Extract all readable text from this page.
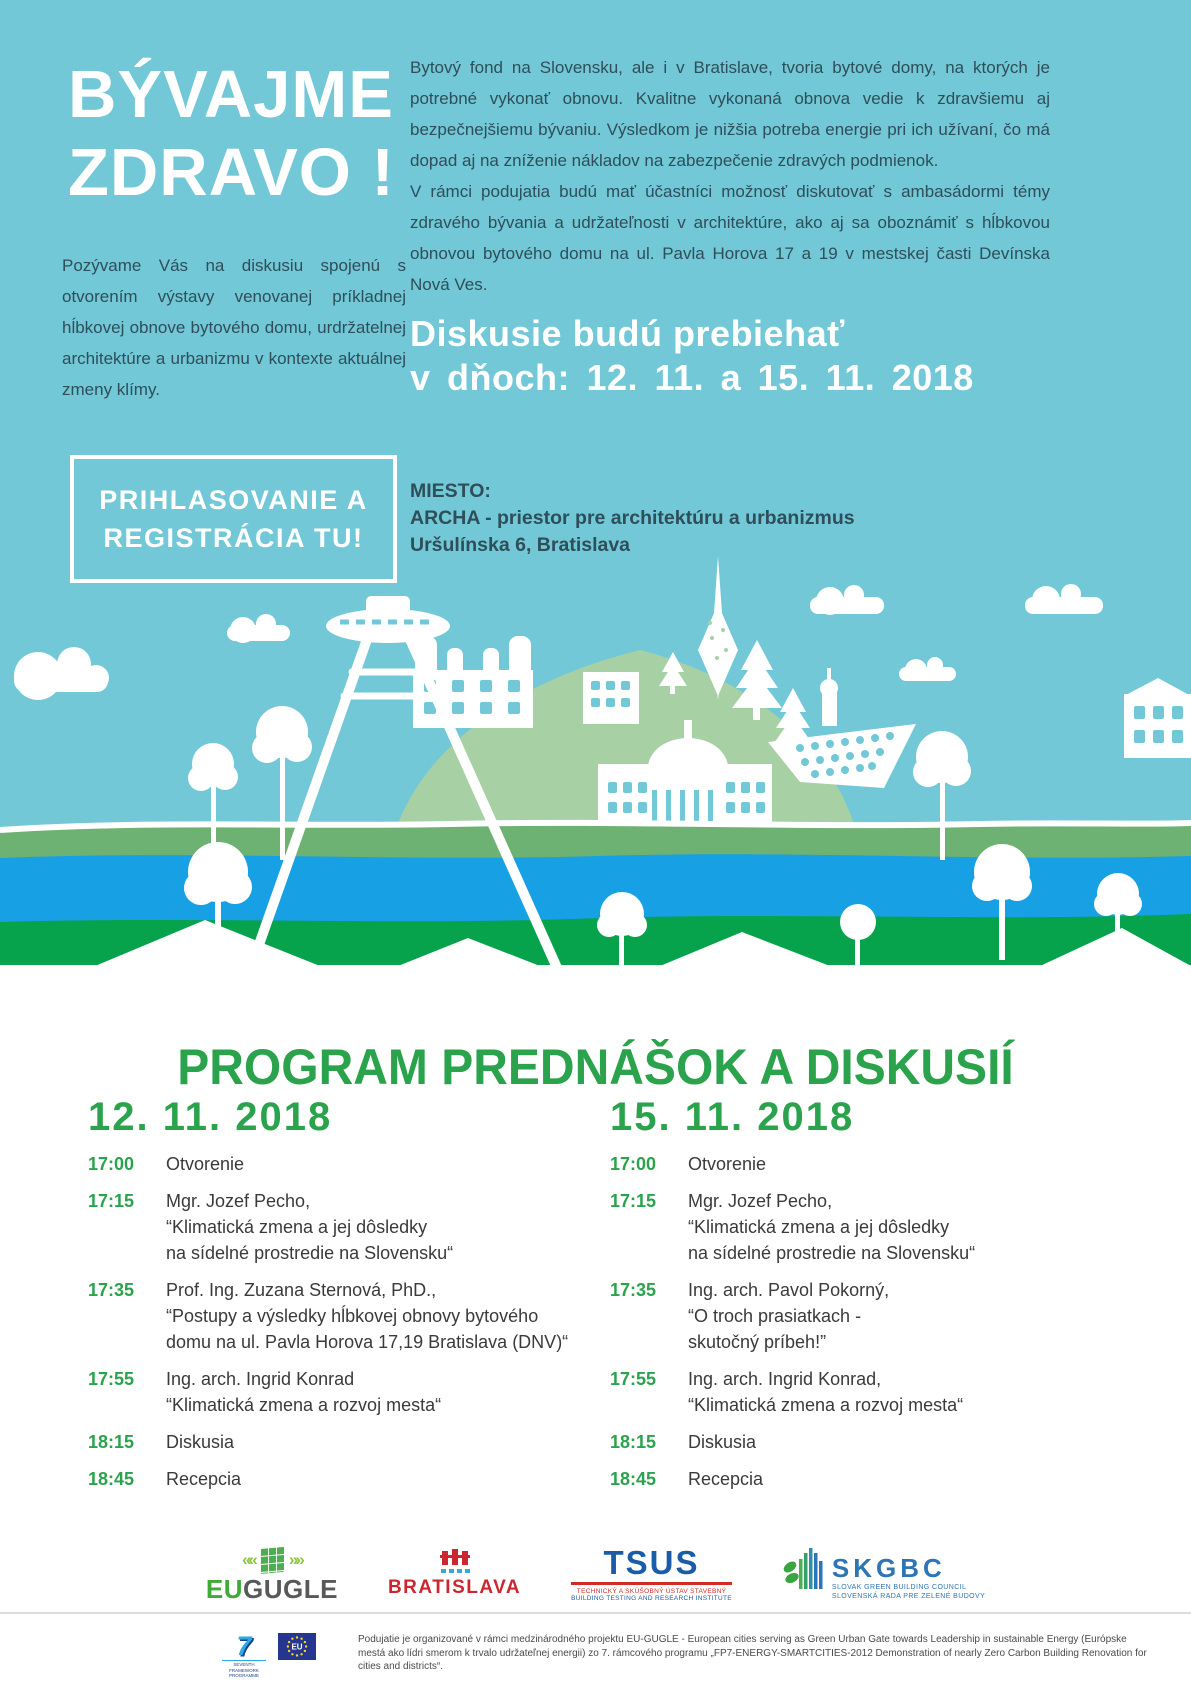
BÝVAJME
ZDRAVO !
Pozývame Vás na diskusiu spojenú s otvorením výstavy venovanej príkladnej hĺbkovej obnove bytového domu, urdržatelnej architektúre a urbanizmu v kontexte aktuálnej zmeny klímy.

Bytový fond na Slovensku, ale i v Bratislave, tvoria bytové domy, na ktorých je potrebné vykonať obnovu. Kvalitne vykonaná obnova vedie k zdravšiemu aj bezpečnejšiemu bývaniu. Výsledkom je nižšia potreba energie pri ich užívaní, čo má dopad aj na zníženie nákladov na zabezpečenie zdravých podmienok.

V rámci podujatia budú mať účastníci možnosť diskutovať s ambasádormi témy zdravého bývania a udržateľnosti v architektúre, ako aj sa oboznámiť s hĺbkovou obnovou bytového domu na ul. Pavla Horova 17 a 19 v mestskej časti Devínska Nová Ves.

Diskusie budú prebiehať
v dňoch: 12. 11. a 15. 11. 2018
PRIHLASOVANIE A
REGISTRÁCIA TU!
MIESTO:
ARCHA - priestor pre architektúru a urbanizmus
Uršulínska 6, Bratislava
PROGRAM PREDNÁŠOK A DISKUSIÍ
12. 11. 2018
17:00	Otvorenie
17:15	Mgr. Jozef Pecho,
“Klimatická zmena a jej dôsledky
na sídelné prostredie na Slovensku“
17:35	Prof. Ing. Zuzana Sternová, PhD.,
“Postupy a výsledky hĺbkovej obnovy bytového
domu na ul. Pavla Horova 17,19 Bratislava (DNV)“
17:55	Ing. arch. Ingrid Konrad
“Klimatická zmena a rozvoj mesta“
18:15	Diskusia
18:45	Recepcia
15. 11. 2018
17:00	Otvorenie
17:15	Mgr. Jozef Pecho,
“Klimatická zmena a jej dôsledky
na sídelné prostredie na Slovensku“
17:35	Ing. arch. Pavol Pokorný,
“O troch prasiatkach -
skutočný príbeh!”
17:55	Ing. arch. Ingrid Konrad,
“Klimatická zmena a rozvoj mesta“
18:15	Diskusia
18:45	Recepcia
«« »»
EUGUGLE	BRATISLAVA
TSUS
TECHNICKÝ A SKÚŠOBNÝ ÚSTAV STAVEBNÝ
BUILDING TESTING AND RESEARCH INSTITUTE
SKGBC
SLOVAK GREEN BUILDING COUNCIL
SLOVENSKÁ RADA PRE ZELENÉ BUDOVY
7
SEVENTH FRAMEWORK
PROGRAMME
EU
Podujatie je organizované v rámci medzinárodného projektu EU-GUGLE - European cities serving as Green Urban Gate towards Leadership in sustainable Energy (Európske mestá ako lídri smerom k trvalo udržateľnej energii) zo 7. rámcového programu „FP7-ENERGY-SMARTCITIES-2012 Demonstration of nearly Zero Carbon Building Renovation for cities and districts“.
